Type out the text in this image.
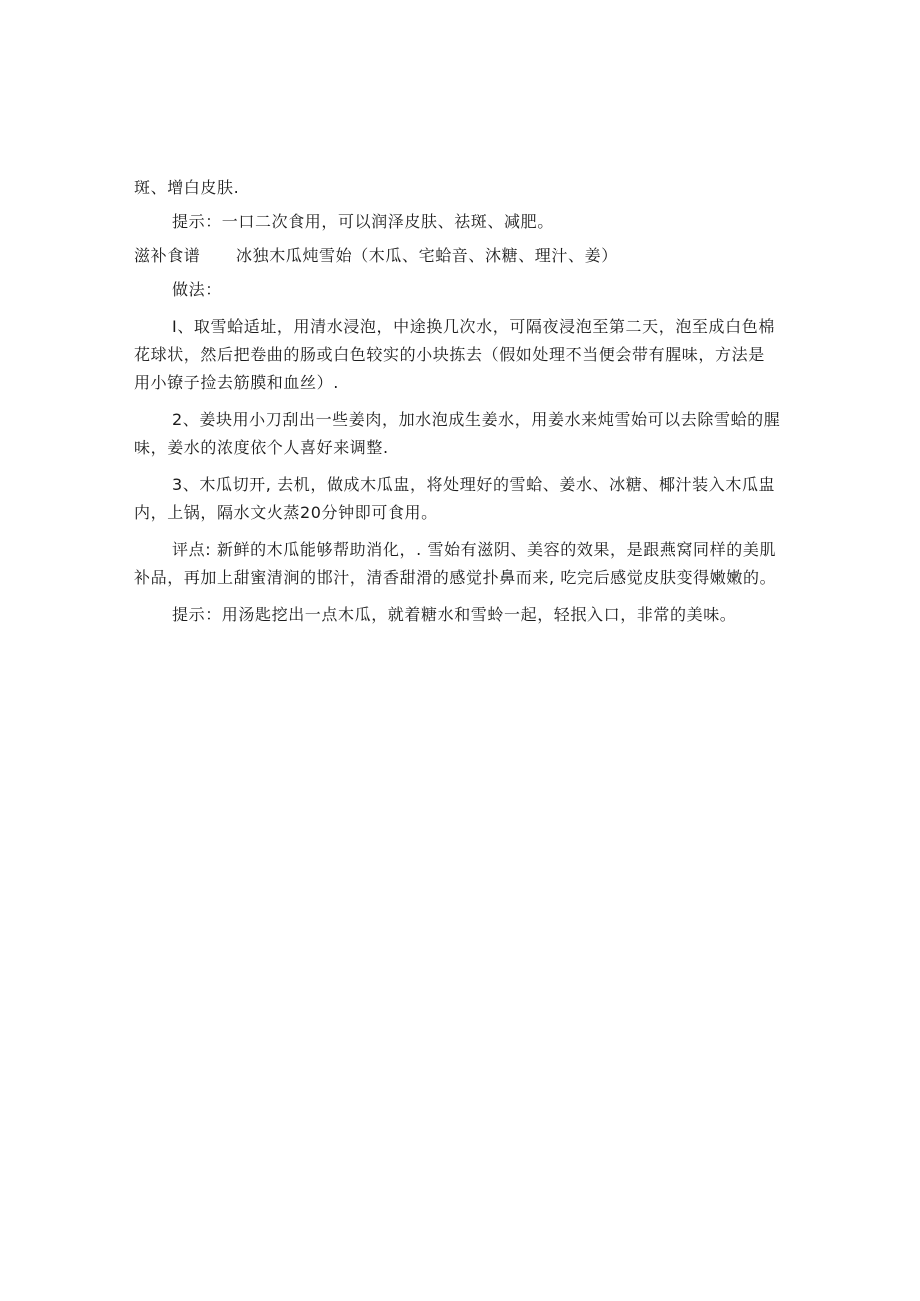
斑、增白皮肤.
提示：一口二次食用，可以润泽皮肤、祛斑、减肥。
滋补食谱 冰独木瓜炖雪始（木瓜、宅蛤音、沐糖、理汁、姜）
做法：
I、取雪蛤适址，用清水浸泡，中途换几次水，可隔夜浸泡至第二天，泡至成白色棉
花球状，然后把卷曲的肠或白色较实的小块拣去（假如处理不当便会带有腥味，方法是
用小镣子捡去筋膜和血丝）.
2、姜块用小刀刮出一些姜肉，加水泡成生姜水，用姜水来炖雪始可以去除雪蛤的腥
味，姜水的浓度依个人喜好来调整.
3、木瓜切开, 去机，做成木瓜盅，将处理好的雪蛤、姜水、冰糖、椰汁装入木瓜盅
内，上锅，隔水文火蒸20分钟即可食用。
评点: 新鲜的木瓜能够帮助消化，. 雪始有滋阴、美容的效果，是跟燕窝同样的美肌
补品，再加上甜蜜清涧的邯汁，清香甜滑的感觉扑鼻而来, 吃完后感觉皮肤变得嫩嫩的。
提示：用汤匙挖出一点木瓜，就着糖水和雪蛉一起，轻抿入口，非常的美味。
